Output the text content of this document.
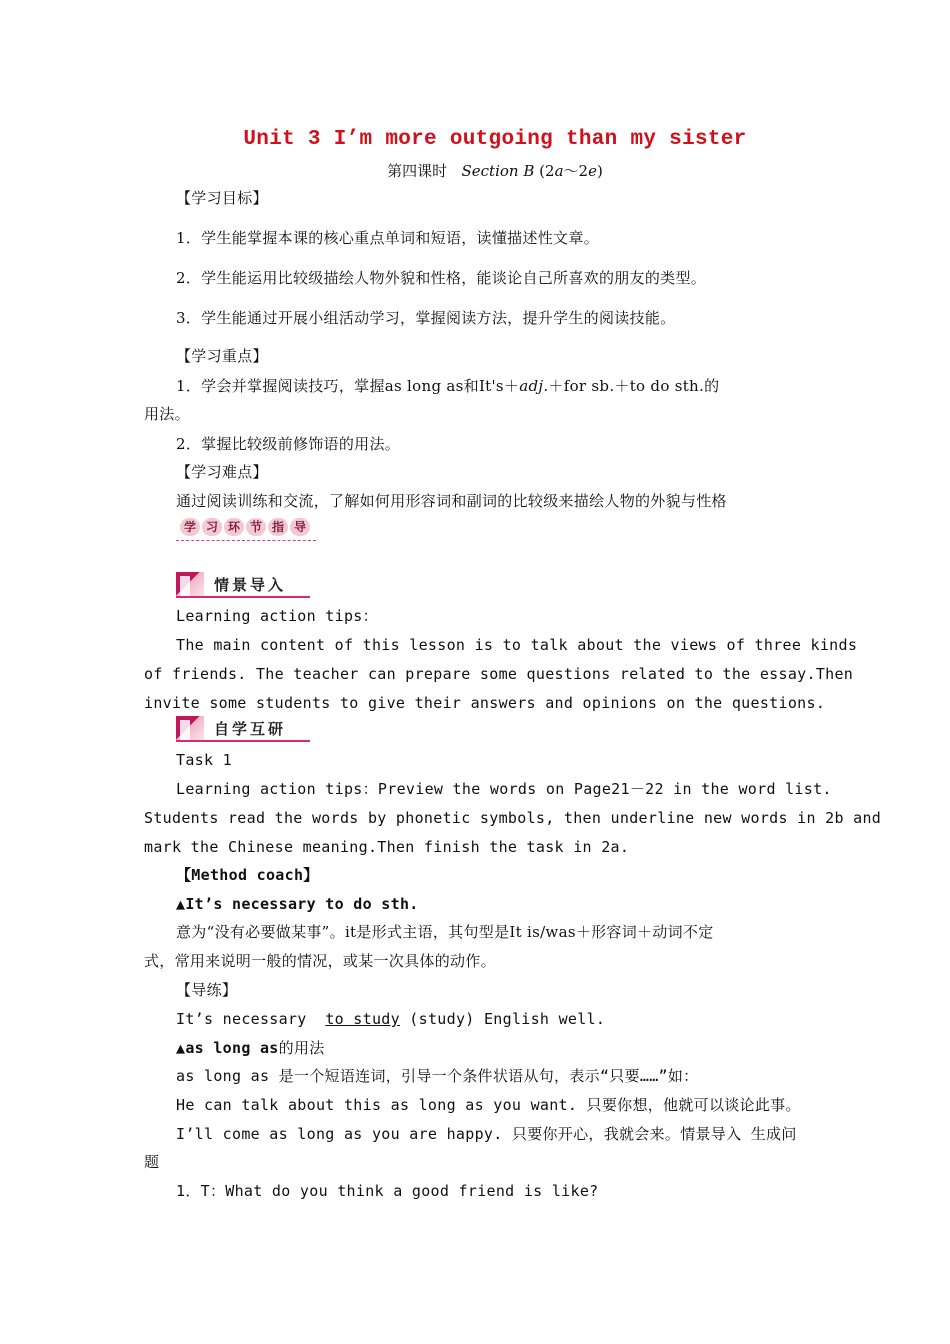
Unit 3 I’m more outgoing than my sister
第四课时 Section B (2a～2e)
【学习目标】
1．学生能掌握本课的核心重点单词和短语，读懂描述性文章。
2．学生能运用比较级描绘人物外貌和性格，能谈论自己所喜欢的朋友的类型。
3．学生能通过开展小组活动学习，掌握阅读方法，提升学生的阅读技能。
【学习重点】
1．学会并掌握阅读技巧，掌握as long as和It's＋adj.＋for sb.＋to do sth.的
用法。
2．掌握比较级前修饰语的用法。
【学习难点】
通过阅读训练和交流，了解如何用形容词和副词的比较级来描绘人物的外貌与性格
学 习 环 节 指 导
情景导入
Learning action tips：
The main content of this lesson is to talk about the views of three kinds
of friends. The teacher can prepare some questions related to the essay.Then
invite some students to give their answers and opinions on the questions.
自学互研
Task 1
Learning action tips：Preview the words on Page21－22 in the word list.
Students read the words by phonetic symbols, then underline new words in 2b and
mark the Chinese meaning.Then finish the task in 2a.
【Method coach】
▲It’s necessary to do sth.
意为“没有必要做某事”。it是形式主语，其句型是It is/was＋形容词＋动词不定
式，常用来说明一般的情况，或某一次具体的动作。
【导练】
It’s necessary  to study (study) English well.
▲as long as的用法
as long as 是一个短语连词，引导一个条件状语从句，表示“只要……”如：
He can talk about this as long as you want. 只要你想，他就可以谈论此事。
I’ll come as long as you are happy. 只要你开心，我就会来。情景导入 生成问
题
1．T：What do you think a good friend is like?
